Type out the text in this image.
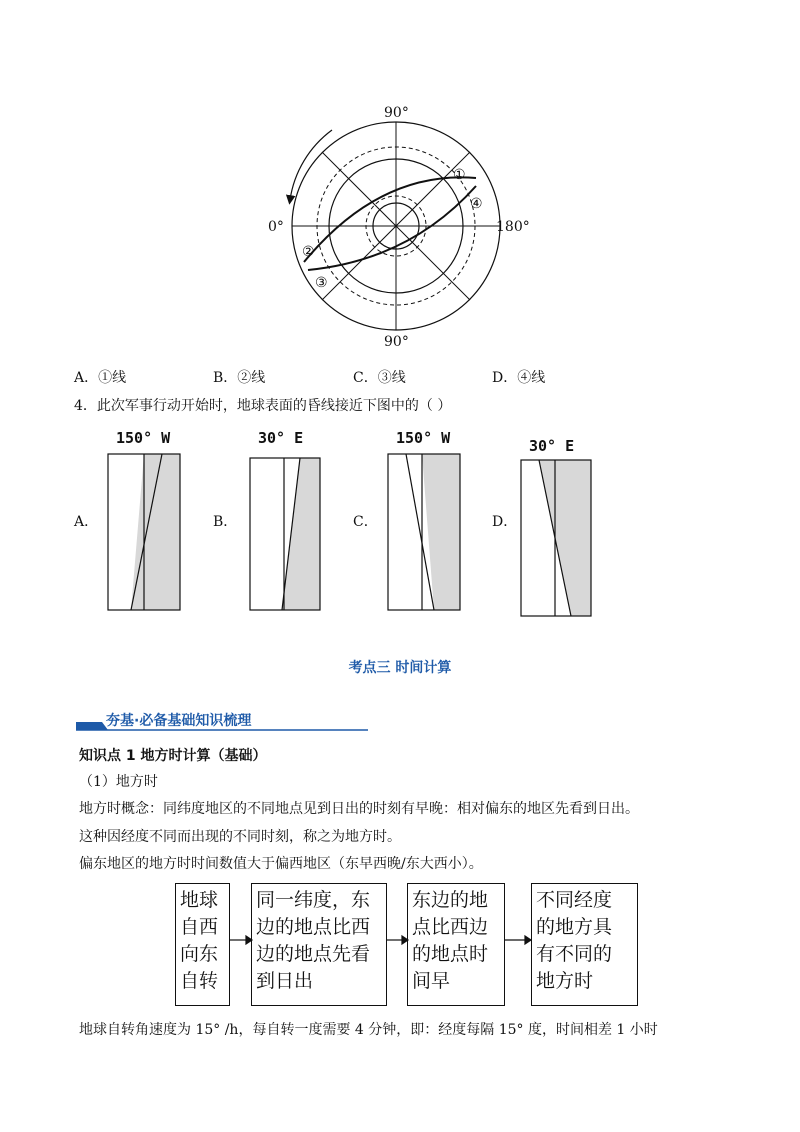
90°
90°
0°	180°
①
②
③
④
A．①线	B．②线	C．③线	D．④线
4．此次军事行动开始时，地球表面的昏线接近下图中的（ ）
A．
150° W
B．
30° E
C．
150° W
D．
30° E
考点三 时间计算
夯基·必备基础知识梳理
知识点 1 地方时计算（基础）
（1）地方时
地方时概念：同纬度地区的不同地点见到日出的时刻有早晚：相对偏东的地区先看到日出。
这种因经度不同而出现的不同时刻，称之为地方时。
偏东地区的地方时时间数值大于偏西地区（东早西晚/东大西小）。
地球
自西
向东
自转
同一纬度，东
边的地点比西
边的地点先看
到日出
东边的地
点比西边
的地点时
间早
不同经度
的地方具
有不同的
地方时
地球自转角速度为 15° /h，每自转一度需要 4 分钟，即：经度每隔 15° 度，时间相差 1 小时
